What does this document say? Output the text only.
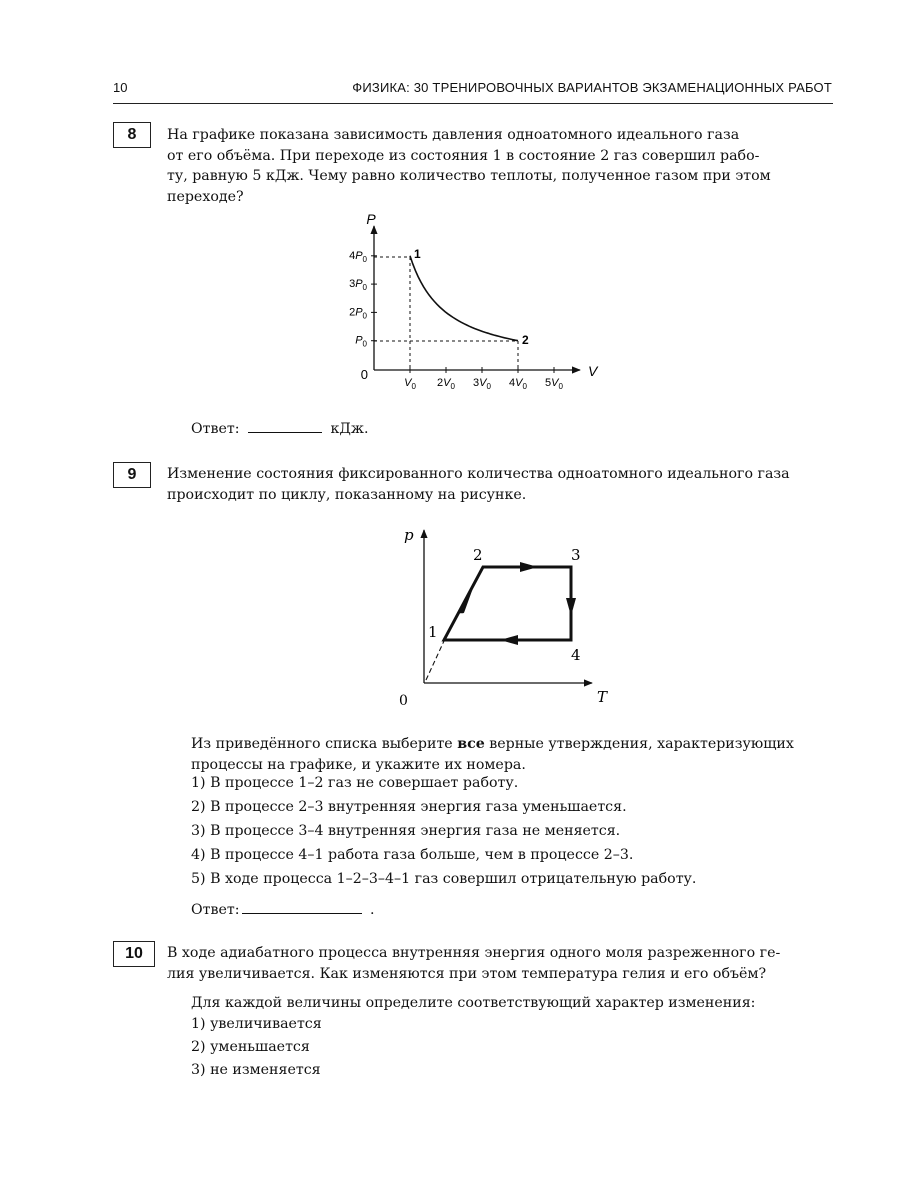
10	ФИЗИКА: 30 ТРЕНИРОВОЧНЫХ ВАРИАНТОВ ЭКЗАМЕНАЦИОННЫХ РАБОТ
8	На графике показана зависимость давления одноатомного идеального газа
от его объёма. При переходе из состояния 1 в состояние 2 газ совершил рабо-
ту, равную 5 кДж. Чему равно количество теплоты, полученное газом при этом
переходе?
P
V
0
$4P_0$
$3P_0$
$2P_0$
$P_0$
$V_0$ $2V_0$ $3V_0$ $4V_0$ $5V_0$
1
2
Ответ:	кДж.
9	Изменение состояния фиксированного количества одноатомного идеального газа
происходит по циклу, показанному на рисунке.
p
T
0
1
2	3
4
Из приведённого списка выберите все верные утверждения, характеризующих
процессы на графике, и укажите их номера.
1) В процессе 1–2 газ не совершает работу.
2) В процессе 2–3 внутренняя энергия газа уменьшается.
3) В процессе 3–4 внутренняя энергия газа не меняется.
4) В процессе 4–1 работа газа больше, чем в процессе 2–3.
5) В ходе процесса 1–2–3–4–1 газ совершил отрицательную работу.
Ответ:	.
10	В ходе адиабатного процесса внутренняя энергия одного моля разреженного ге-
лия увеличивается. Как изменяются при этом температура гелия и его объём?
Для каждой величины определите соответствующий характер изменения:
1) увеличивается
2) уменьшается
3) не изменяется
